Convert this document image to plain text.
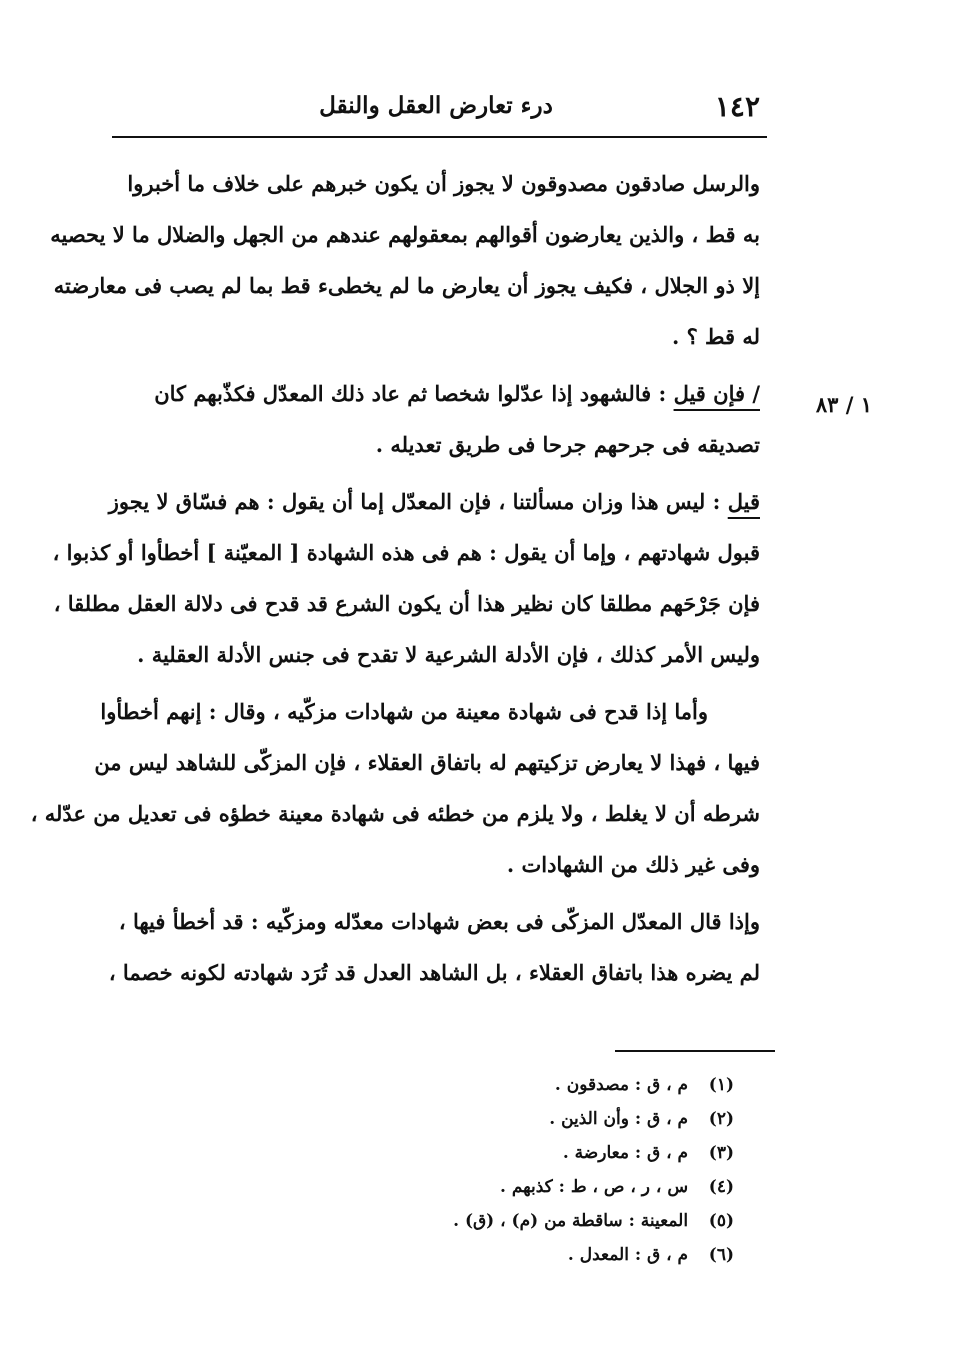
١٤٢
درء تعارض العقل والنقل
١ / ٨٣

والرسل صادقون مصدوقون لا يجوز أن يكون خبرهم على خلاف ما أخبروا
به قط ، والذين يعارضون أقوالهم بمعقولهم عندهم من الجهل والضلال ما لا يحصيه
إلا ذو الجلال ، فكيف يجوز أن يعارض ما لم يخطىء قط بما لم يصب فى معارضته
له قط ؟ .

/ فإن قيل : فالشهود إذا عدّلوا شخصا ثم عاد ذلك المعدّل فكذّبهم كان
تصديقه فى جرحهم جرحا فى طريق تعديله .

قيل : ليس هذا وزان مسألتنا ، فإن المعدّل إما أن يقول : هم فسّاق لا يجوز
قبول شهادتهم ، وإما أن يقول : هم فى هذه الشهادة [ المعيّنة ] أخطأوا أو كذبوا ،
فإن جَرْحَهم مطلقا كان نظير هذا أن يكون الشرع قد قدح فى دلالة العقل مطلقا ،
وليس الأمر كذلك ، فإن الأدلة الشرعية لا تقدح فى جنس الأدلة العقلية .

وأما إذا قدح فى شهادة معينة من شهادات مزكّيه ، وقال : إنهم أخطأوا
فيها ، فهذا لا يعارض تزكيتهم له باتفاق العقلاء ، فإن المزكّى للشاهد ليس من
شرطه أن لا يغلط ، ولا يلزم من خطئه فى شهادة معينة خطؤه فى تعديل من عدّله ،
وفى غير ذلك من الشهادات .

وإذا قال المعدّل المزكّى فى بعض شهادات معدّله ومزكّيه : قد أخطأ فيها ،
لم يضره هذا باتفاق العقلاء ، بل الشاهد العدل قد تُرَد شهادته لكونه خصما ،

(١) م ، ق : مصدقون .
(٢) م ، ق : وأن الذين .
(٣) م ، ق : معارضة .
(٤) س ، ر ، ص ، ط : كذبهم .
(٥) المعينة : ساقطة من (م) ، (ق) .
(٦) م ، ق : المعدل .
